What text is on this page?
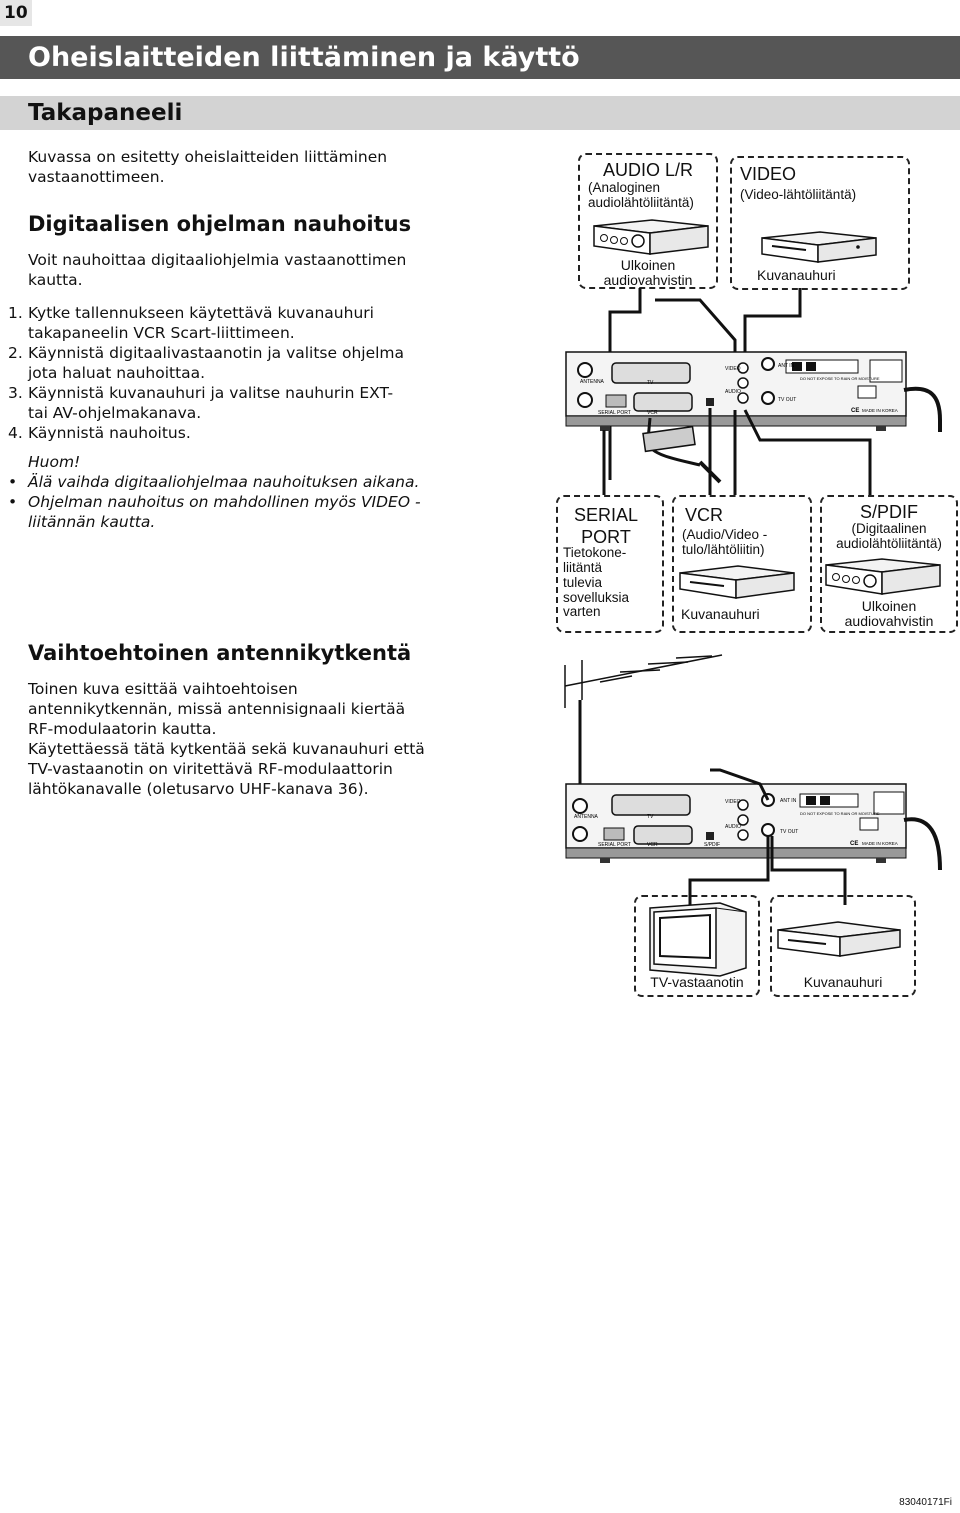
10
Oheislaitteiden liittäminen ja käyttö
Takapaneeli
Kuvassa on esitetty oheislaitteiden liittäminen
vastaanottimeen.
Digitaalisen ohjelman nauhoitus
Voit nauhoittaa digitaaliohjelmia vastaanottimen
kautta.
1. Kytke tallennukseen käytettävä kuvanauhuri
takapaneelin VCR Scart-liittimeen.
2. Käynnistä digitaalivastaanotin ja valitse ohjelma
jota haluat nauhoittaa.
3. Käynnistä kuvanauhuri ja valitse nauhurin EXT-
tai AV-ohjelmakanava.
4. Käynnistä nauhoitus.
Huom!
• Älä vaihda digitaaliohjelmaa nauhoituksen aikana.
• Ohjelman nauhoitus on mahdollinen myös VIDEO -
liitännän kautta.
Vaihtoehtoinen antennikytkentä
Toinen kuva esittää vaihtoehtoisen
antennikytkennän, missä antennisignaali kiertää
RF-modulaatorin kautta.
Käytettäessä tätä kytkentää sekä kuvanauhuri että
TV-vastaanotin on viritettävä RF-modulaattorin
lähtökanavalle (oletusarvo UHF-kanava 36).
AUDIO L/R
(Analoginen
audiolähtöliitäntä)
Ulkoinen
audiovahvistin
VIDEO
(Video-lähtöliitäntä)
Kuvanauhuri
SERIAL
PORT
Tietokone-
liitäntä
tulevia
sovelluksia
varten
VCR
(Audio/Video -
tulo/lähtöliitin)
Kuvanauhuri
S/PDIF
(Digitaalinen
audiolähtöliitäntä)
Ulkoinen
audiovahvistin
ANTENNA	TV
VCR
SERIAL PORT
VIDEO
AUDIO
ANT IN
TV OUT
DO NOT EXPOSE TO RAIN OR MOISTURE
CE MADE IN KOREA
ANTENNA
SERIAL PORT
TV
VCR	S/PDIF
VIDEO
AUDIO
ANT IN
TV OUT
DO NOT EXPOSE TO RAIN OR MOISTURE
CE MADE IN KOREA
TV-vastaanotin	Kuvanauhuri
83040171Fi
